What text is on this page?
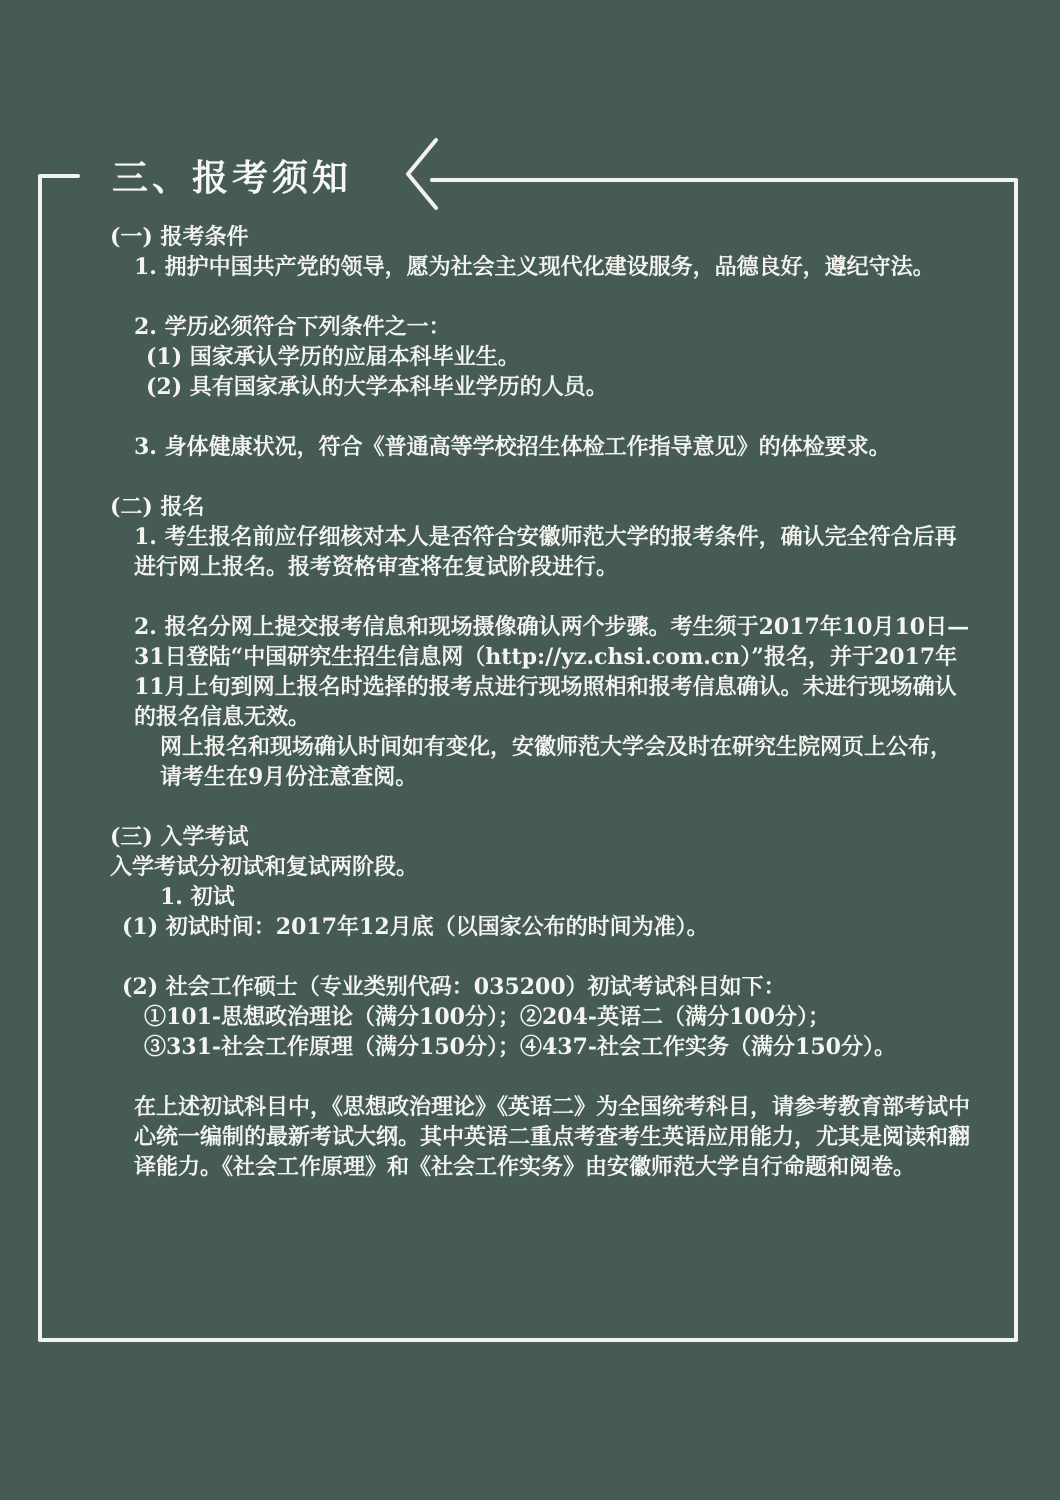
三、报考须知

(一) 报考条件

1. 拥护中国共产党的领导，愿为社会主义现代化建设服务，品德良好，遵纪守法。

2. 学历必须符合下列条件之一：

(1) 国家承认学历的应届本科毕业生。

(2) 具有国家承认的大学本科毕业学历的人员。

3. 身体健康状况，符合《普通高等学校招生体检工作指导意见》的体检要求。

(二) 报名

1. 考生报名前应仔细核对本人是否符合安徽师范大学的报考条件，确认完全符合后再进行网上报名。报考资格审查将在复试阶段进行。

2. 报名分网上提交报考信息和现场摄像确认两个步骤。考生须于2017年10月10日—31日登陆“中国研究生招生信息网（http://yz.chsi.com.cn）”报名，并于2017年11月上旬到网上报名时选择的报考点进行现场照相和报考信息确认。未进行现场确认的报名信息无效。

网上报名和现场确认时间如有变化，安徽师范大学会及时在研究生院网页上公布，请考生在9月份注意查阅。

(三) 入学考试

入学考试分初试和复试两阶段。

1. 初试

(1) 初试时间：2017年12月底（以国家公布的时间为准）。

(2) 社会工作硕士（专业类别代码：035200）初试考试科目如下：

①101-思想政治理论（满分100分）；②204-英语二（满分100分）；

③331-社会工作原理（满分150分）；④437-社会工作实务（满分150分）。

在上述初试科目中，《思想政治理论》《英语二》为全国统考科目，请参考教育部考试中心统一编制的最新考试大纲。其中英语二重点考查考生英语应用能力，尤其是阅读和翻译能力。《社会工作原理》和《社会工作实务》由安徽师范大学自行命题和阅卷。
